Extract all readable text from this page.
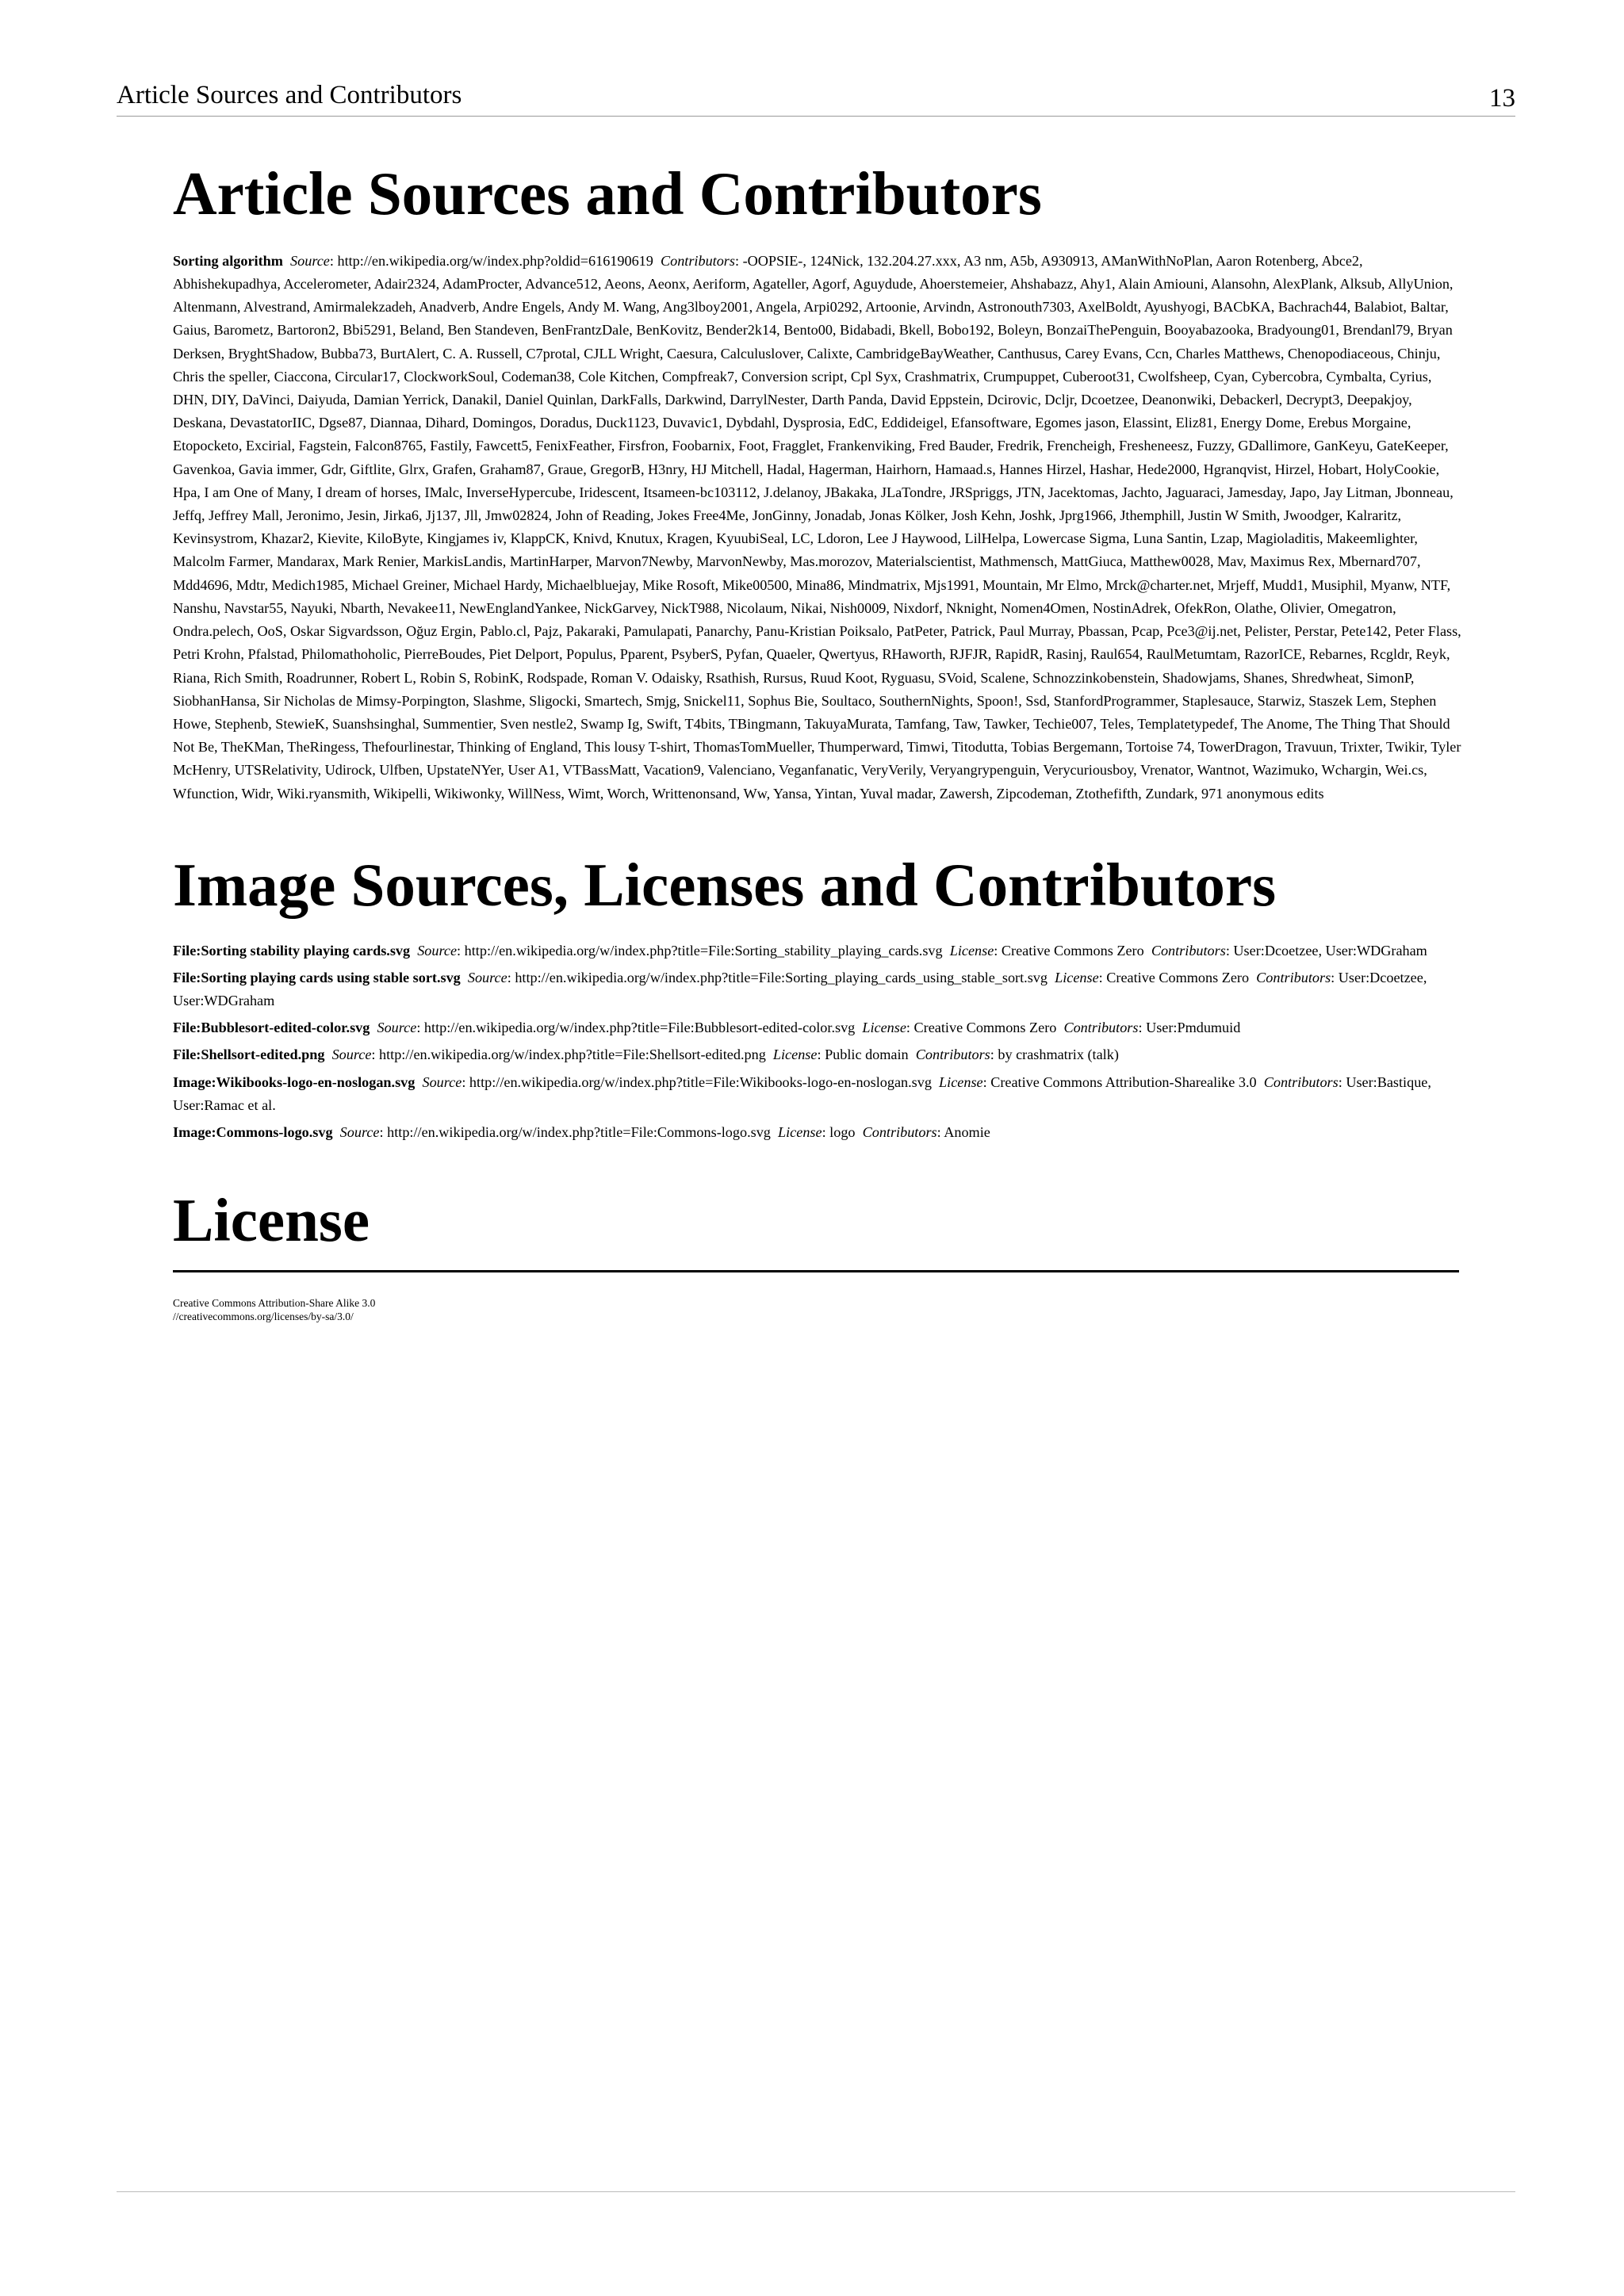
Article Sources and Contributors	13
Article Sources and Contributors

Sorting algorithm Source: http://en.wikipedia.org/w/index.php?oldid=616190619 Contributors: -OOPSIE-, 124Nick, 132.204.27.xxx, A3 nm, A5b, A930913, AManWithNoPlan, Aaron Rotenberg, Abce2, Abhishekupadhya, Accelerometer, Adair2324, AdamProcter, Advance512, Aeons, Aeonx, Aeriform, Agateller, Agorf, Aguydude, Ahoerstemeier, Ahshabazz, Ahy1, Alain Amiouni, Alansohn, AlexPlank, Alksub, AllyUnion, Altenmann, Alvestrand, Amirmalekzadeh, Anadverb, Andre Engels, Andy M. Wang, Ang3lboy2001, Angela, Arpi0292, Artoonie, Arvindn, Astronouth7303, AxelBoldt, Ayushyogi, BACbKA, Bachrach44, Balabiot, Baltar, Gaius, Barometz, Bartoron2, Bbi5291, Beland, Ben Standeven, BenFrantzDale, BenKovitz, Bender2k14, Bento00, Bidabadi, Bkell, Bobo192, Boleyn, BonzaiThePenguin, Booyabazooka, Bradyoung01, Brendanl79, Bryan Derksen, BryghtShadow, Bubba73, BurtAlert, C. A. Russell, C7protal, CJLL Wright, Caesura, Calculuslover, Calixte, CambridgeBayWeather, Canthusus, Carey Evans, Ccn, Charles Matthews, Chenopodiaceous, Chinju, Chris the speller, Ciaccona, Circular17, ClockworkSoul, Codeman38, Cole Kitchen, Compfreak7, Conversion script, Cpl Syx, Crashmatrix, Crumpuppet, Cuberoot31, Cwolfsheep, Cyan, Cybercobra, Cymbalta, Cyrius, DHN, DIY, DaVinci, Daiyuda, Damian Yerrick, Danakil, Daniel Quinlan, DarkFalls, Darkwind, DarrylNester, Darth Panda, David Eppstein, Dcirovic, Dcljr, Dcoetzee, Deanonwiki, Debackerl, Decrypt3, Deepakjoy, Deskana, DevastatorIIC, Dgse87, Diannaa, Dihard, Domingos, Doradus, Duck1123, Duvavic1, Dybdahl, Dysprosia, EdC, Eddideigel, Efansoftware, Egomes jason, Elassint, Eliz81, Energy Dome, Erebus Morgaine, Etopocketo, Excirial, Fagstein, Falcon8765, Fastily, Fawcett5, FenixFeather, Firsfron, Foobarnix, Foot, Fragglet, Frankenviking, Fred Bauder, Fredrik, Frencheigh, Fresheneesz, Fuzzy, GDallimore, GanKeyu, GateKeeper, Gavenkoa, Gavia immer, Gdr, Giftlite, Glrx, Grafen, Graham87, Graue, GregorB, H3nry, HJ Mitchell, Hadal, Hagerman, Hairhorn, Hamaad.s, Hannes Hirzel, Hashar, Hede2000, Hgranqvist, Hirzel, Hobart, HolyCookie, Hpa, I am One of Many, I dream of horses, IMalc, InverseHypercube, Iridescent, Itsameen-bc103112, J.delanoy, JBakaka, JLaTondre, JRSpriggs, JTN, Jacektomas, Jachto, Jaguaraci, Jamesday, Japo, Jay Litman, Jbonneau, Jeffq, Jeffrey Mall, Jeronimo, Jesin, Jirka6, Jj137, Jll, Jmw02824, John of Reading, Jokes Free4Me, JonGinny, Jonadab, Jonas Kölker, Josh Kehn, Joshk, Jprg1966, Jthemphill, Justin W Smith, Jwoodger, Kalraritz, Kevinsystrom, Khazar2, Kievite, KiloByte, Kingjames iv, KlappCK, Knivd, Knutux, Kragen, KyuubiSeal, LC, Ldoron, Lee J Haywood, LilHelpa, Lowercase Sigma, Luna Santin, Lzap, Magioladitis, Makeemlighter, Malcolm Farmer, Mandarax, Mark Renier, MarkisLandis, MartinHarper, Marvon7Newby, MarvonNewby, Mas.morozov, Materialscientist, Mathmensch, MattGiuca, Matthew0028, Mav, Maximus Rex, Mbernard707, Mdd4696, Mdtr, Medich1985, Michael Greiner, Michael Hardy, Michaelbluejay, Mike Rosoft, Mike00500, Mina86, Mindmatrix, Mjs1991, Mountain, Mr Elmo, Mrck@charter.net, Mrjeff, Mudd1, Musiphil, Myanw, NTF, Nanshu, Navstar55, Nayuki, Nbarth, Nevakee11, NewEnglandYankee, NickGarvey, NickT988, Nicolaum, Nikai, Nish0009, Nixdorf, Nknight, Nomen4Omen, NostinAdrek, OfekRon, Olathe, Olivier, Omegatron, Ondra.pelech, OoS, Oskar Sigvardsson, Oğuz Ergin, Pablo.cl, Pajz, Pakaraki, Pamulapati, Panarchy, Panu-Kristian Poiksalo, PatPeter, Patrick, Paul Murray, Pbassan, Pcap, Pce3@ij.net, Pelister, Perstar, Pete142, Peter Flass, Petri Krohn, Pfalstad, Philomathoholic, PierreBoudes, Piet Delport, Populus, Pparent, PsyberS, Pyfan, Quaeler, Qwertyus, RHaworth, RJFJR, RapidR, Rasinj, Raul654, RaulMetumtam, RazorICE, Rebarnes, Rcgldr, Reyk, Riana, Rich Smith, Roadrunner, Robert L, Robin S, RobinK, Rodspade, Roman V. Odaisky, Rsathish, Rursus, Ruud Koot, Ryguasu, SVoid, Scalene, Schnozzinkobenstein, Shadowjams, Shanes, Shredwheat, SimonP, SiobhanHansa, Sir Nicholas de Mimsy-Porpington, Slashme, Sligocki, Smartech, Smjg, Snickel11, Sophus Bie, Soultaco, SouthernNights, Spoon!, Ssd, StanfordProgrammer, Staplesauce, Starwiz, Staszek Lem, Stephen Howe, Stephenb, StewieK, Suanshsinghal, Summentier, Sven nestle2, Swamp Ig, Swift, T4bits, TBingmann, TakuyaMurata, Tamfang, Taw, Tawker, Techie007, Teles, Templatetypedef, The Anome, The Thing That Should Not Be, TheKMan, TheRingess, Thefourlinestar, Thinking of England, This lousy T-shirt, ThomasTomMueller, Thumperward, Timwi, Titodutta, Tobias Bergemann, Tortoise 74, TowerDragon, Travuun, Trixter, Twikir, Tyler McHenry, UTSRelativity, Udirock, Ulfben, UpstateNYer, User A1, VTBassMatt, Vacation9, Valenciano, Veganfanatic, VeryVerily, Veryangrypenguin, Verycuriousboy, Vrenator, Wantnot, Wazimuko, Wchargin, Wei.cs, Wfunction, Widr, Wiki.ryansmith, Wikipelli, Wikiwonky, WillNess, Wimt, Worch, Writtenonsand, Ww, Yansa, Yintan, Yuval madar, Zawersh, Zipcodeman, Ztothefifth, Zundark, 971 anonymous edits

Image Sources, Licenses and Contributors

File:Sorting stability playing cards.svg Source: http://en.wikipedia.org/w/index.php?title=File:Sorting_stability_playing_cards.svg License: Creative Commons Zero Contributors: User:Dcoetzee, User:WDGraham

File:Sorting playing cards using stable sort.svg Source: http://en.wikipedia.org/w/index.php?title=File:Sorting_playing_cards_using_stable_sort.svg License: Creative Commons Zero Contributors: User:Dcoetzee, User:WDGraham

File:Bubblesort-edited-color.svg Source: http://en.wikipedia.org/w/index.php?title=File:Bubblesort-edited-color.svg License: Creative Commons Zero Contributors: User:Pmdumuid

File:Shellsort-edited.png Source: http://en.wikipedia.org/w/index.php?title=File:Shellsort-edited.png License: Public domain Contributors: by crashmatrix (talk)

Image:Wikibooks-logo-en-noslogan.svg Source: http://en.wikipedia.org/w/index.php?title=File:Wikibooks-logo-en-noslogan.svg License: Creative Commons Attribution-Sharealike 3.0 Contributors: User:Bastique, User:Ramac et al.

Image:Commons-logo.svg Source: http://en.wikipedia.org/w/index.php?title=File:Commons-logo.svg License: logo Contributors: Anomie

License
Creative Commons Attribution-Share Alike 3.0
//creativecommons.org/licenses/by-sa/3.0/
